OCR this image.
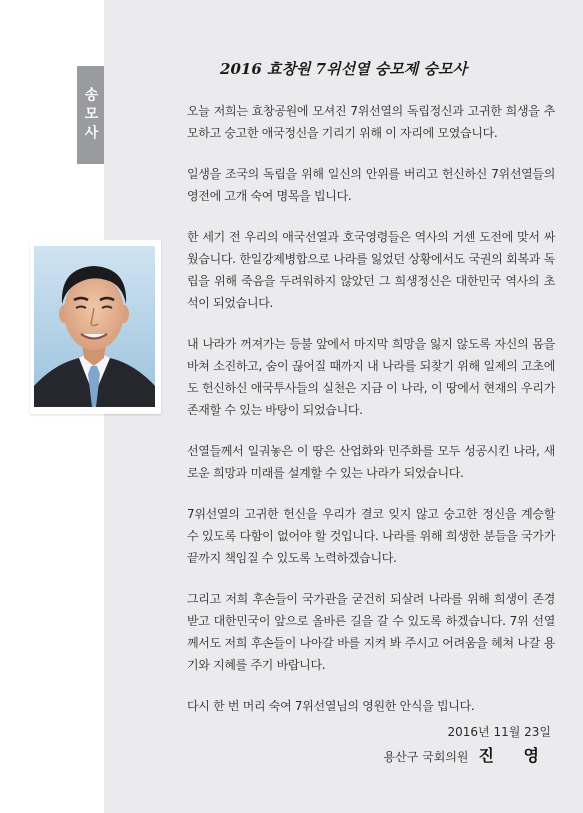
송모사
2016 효창원 7위선열 숭모제 숭모사

오늘 저희는 효창공원에 모셔진 7위선열의 독립정신과 고귀한 희생을 추모하고 숭고한 애국정신을 기리기 위해 이 자리에 모였습니다.

일생을 조국의 독립을 위해 일신의 안위를 버리고 헌신하신 7위선열들의 영전에 고개 숙여 명목을 빕니다.

한 세기 전 우리의 애국선열과 호국영령들은 역사의 거센 도전에 맞서 싸웠습니다. 한일강제병합으로 나라를 잃었던 상황에서도 국권의 회복과 독립을 위해 죽음을 두려워하지 않았던 그 희생정신은 대한민국 역사의 초석이 되었습니다.

내 나라가 꺼져가는 등불 앞에서 마지막 희망을 잃지 않도록 자신의 몸을 바쳐 소진하고, 숨이 끊어질 때까지 내 나라를 되찾기 위해 일제의 고초에도 헌신하신 애국투사들의 실천은 지금 이 나라, 이 땅에서 현재의 우리가 존재할 수 있는 바탕이 되었습니다.

선열들께서 일궈놓은 이 땅은 산업화와 민주화를 모두 성공시킨 나라, 새로운 희망과 미래를 설계할 수 있는 나라가 되었습니다.

7위선열의 고귀한 헌신을 우리가 결코 잊지 않고 숭고한 정신을 계승할 수 있도록 다함이 없어야 할 것입니다. 나라를 위해 희생한 분들을 국가가 끝까지 책임질 수 있도록 노력하겠습니다.

그리고 저희 후손들이 국가관을 굳건히 되살려 나라를 위해 희생이 존경받고 대한민국이 앞으로 올바른 길을 갈 수 있도록 하겠습니다. 7위 선열께서도 저희 후손들이 나아갈 바를 지켜 봐 주시고 어려움을 헤쳐 나갈 용기와 지혜를 주기 바랍니다.

다시 한 번 머리 숙여 7위선열님의 영원한 안식을 빕니다.

2016년 11월 23일
용산구 국회의원 진 영
